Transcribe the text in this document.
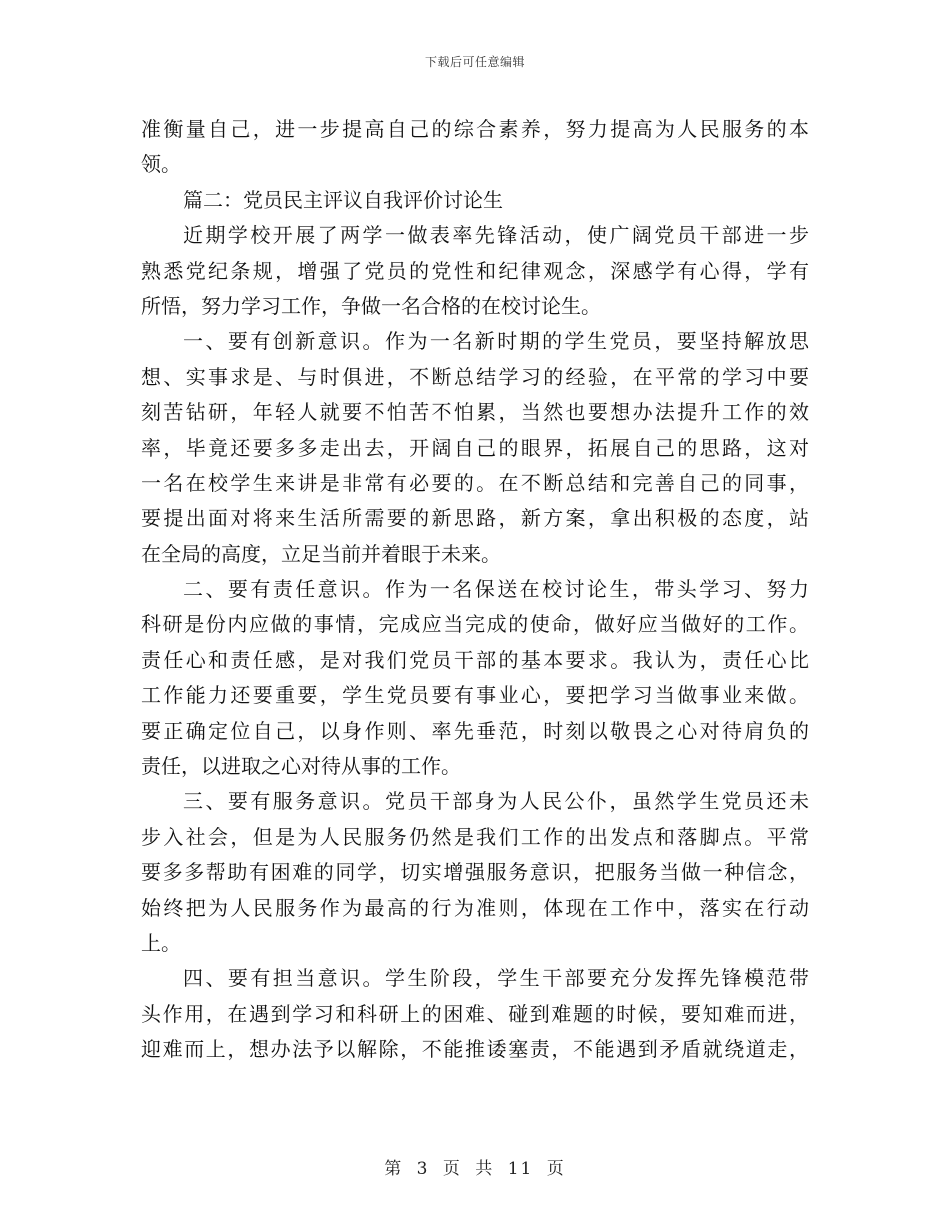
下载后可任意编辑
准衡量自己，进一步提高自己的综合素养，努力提高为人民服务的本
领。
篇二：党员民主评议自我评价讨论生
近期学校开展了两学一做表率先锋活动，使广阔党员干部进一步
熟悉党纪条规，增强了党员的党性和纪律观念，深感学有心得，学有
所悟，努力学习工作，争做一名合格的在校讨论生。
一、要有创新意识。作为一名新时期的学生党员，要坚持解放思
想、实事求是、与时俱进，不断总结学习的经验，在平常的学习中要
刻苦钻研，年轻人就要不怕苦不怕累，当然也要想办法提升工作的效
率，毕竟还要多多走出去，开阔自己的眼界，拓展自己的思路，这对
一名在校学生来讲是非常有必要的。在不断总结和完善自己的同事，
要提出面对将来生活所需要的新思路，新方案，拿出积极的态度，站
在全局的高度，立足当前并着眼于未来。
二、要有责任意识。作为一名保送在校讨论生，带头学习、努力
科研是份内应做的事情，完成应当完成的使命，做好应当做好的工作。
责任心和责任感，是对我们党员干部的基本要求。我认为，责任心比
工作能力还要重要，学生党员要有事业心，要把学习当做事业来做。
要正确定位自己，以身作则、率先垂范，时刻以敬畏之心对待肩负的
责任，以进取之心对待从事的工作。
三、要有服务意识。党员干部身为人民公仆，虽然学生党员还未
步入社会，但是为人民服务仍然是我们工作的出发点和落脚点。平常
要多多帮助有困难的同学，切实增强服务意识，把服务当做一种信念，
始终把为人民服务作为最高的行为准则，体现在工作中，落实在行动
上。
四、要有担当意识。学生阶段，学生干部要充分发挥先锋模范带
头作用，在遇到学习和科研上的困难、碰到难题的时候，要知难而进，
迎难而上，想办法予以解除，不能推诿塞责，不能遇到矛盾就绕道走，
第 3 页 共 11 页
